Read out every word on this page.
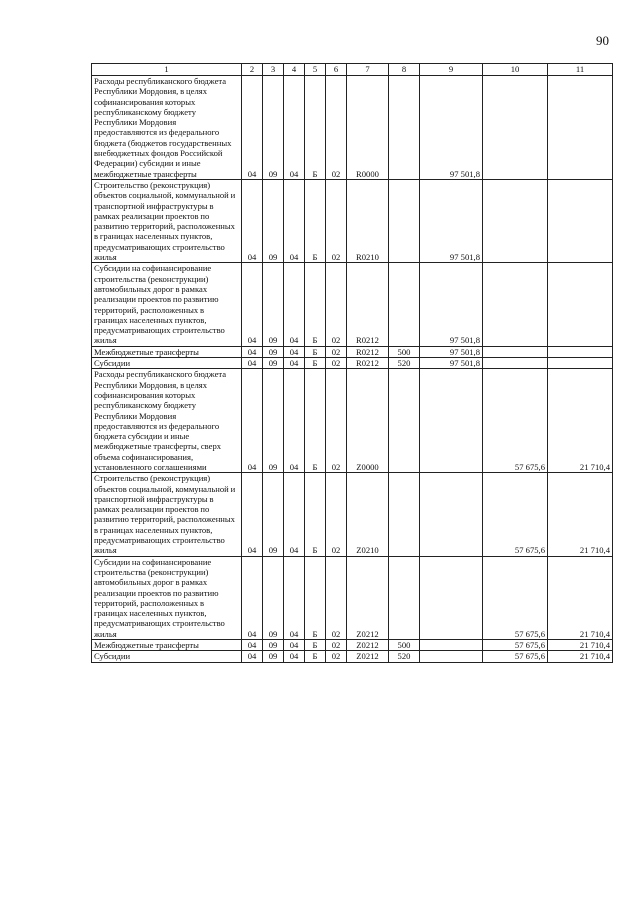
90
1	2	3	4	5	6	7	8	9	10	11
Расходы республиканского бюджета Республики Мордовия, в целях софинансирования которых республиканскому бюджету Республики Мордовия предоставляются из федерального бюджета (бюджетов государственных внебюджетных фондов Российской Федерации) субсидии и иные межбюджетные трансферты	04	09	04	Б	02	R0000		97 501,8		
Строительство (реконструкция) объектов социальной, коммунальной и транспортной инфраструктуры в рамках реализации проектов по развитию территорий, расположенных в границах населенных пунктов, предусматривающих строительство жилья	04	09	04	Б	02	R0210		97 501,8		
Субсидии на софинансирование строительства (реконструкции) автомобильных дорог в рамках реализации проектов по развитию территорий, расположенных в границах населенных пунктов, предусматривающих строительство жилья	04	09	04	Б	02	R0212		97 501,8		
Межбюджетные трансферты	04	09	04	Б	02	R0212	500	97 501,8		
Субсидии	04	09	04	Б	02	R0212	520	97 501,8		
Расходы республиканского бюджета Республики Мордовия, в целях софинансирования которых республиканскому бюджету Республики Мордовия предоставляются из федерального бюджета субсидии и иные межбюджетные трансферты, сверх объема софинансирования, установленного соглашениями	04	09	04	Б	02	Z0000			57 675,6	21 710,4
Строительство (реконструкция) объектов социальной, коммунальной и транспортной инфраструктуры в рамках реализации проектов по развитию территорий, расположенных в границах населенных пунктов, предусматривающих строительство жилья	04	09	04	Б	02	Z0210			57 675,6	21 710,4
Субсидии на софинансирование строительства (реконструкции) автомобильных дорог в рамках реализации проектов по развитию территорий, расположенных в границах населенных пунктов, предусматривающих строительство жилья	04	09	04	Б	02	Z0212			57 675,6	21 710,4
Межбюджетные трансферты	04	09	04	Б	02	Z0212	500		57 675,6	21 710,4
Субсидии	04	09	04	Б	02	Z0212	520		57 675,6	21 710,4
